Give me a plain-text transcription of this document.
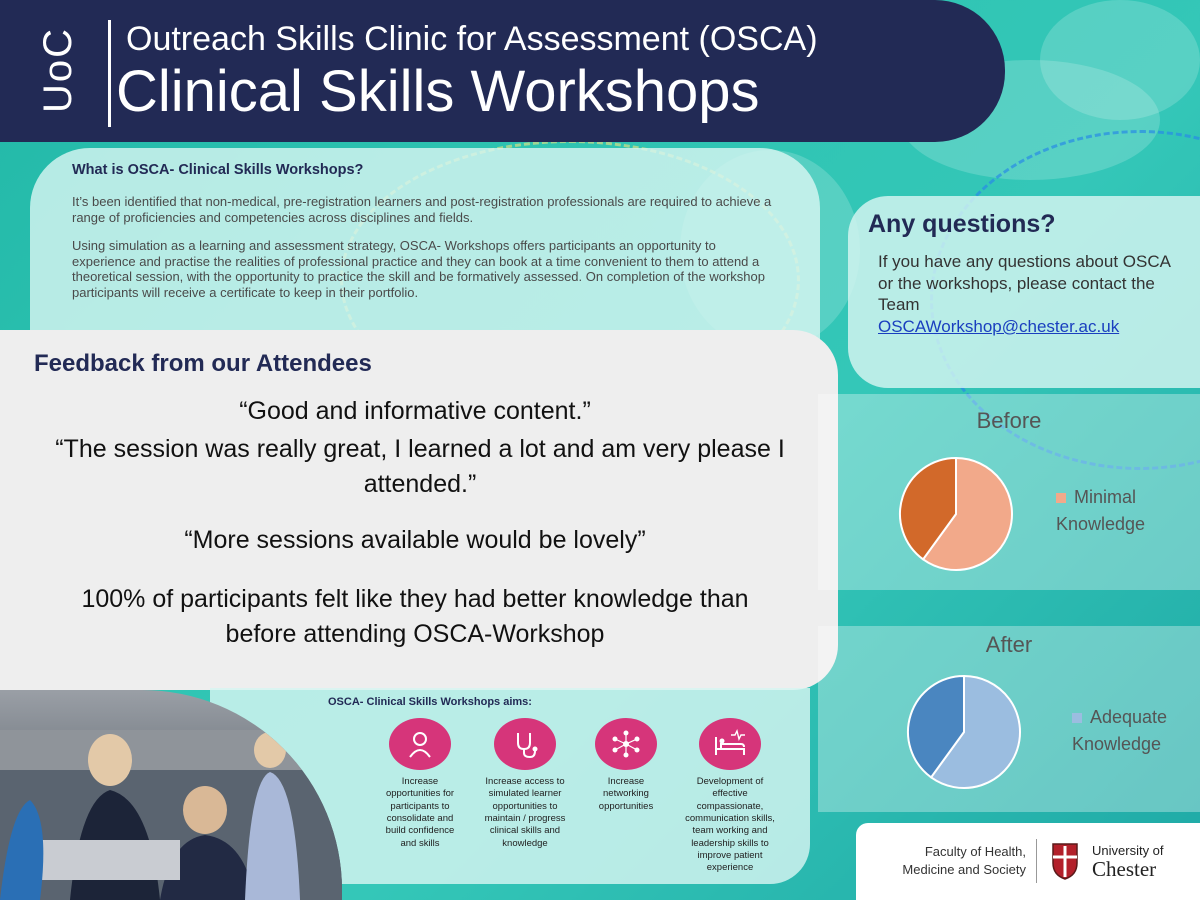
UoC	Outreach Skills Clinic for Assessment (OSCA)
Clinical Skills Workshops
What is OSCA- Clinical Skills Workshops?

It’s been identified that non-medical, pre-registration learners and post-registration professionals are required to achieve a range of proficiencies and competencies across disciplines and fields.

Using simulation as a learning and assessment strategy, OSCA- Workshops offers participants an opportunity to experience and practise the realities of professional practice and they can book at a time convenient to them to attend a theoretical session, with the opportunity to practice the skill and be formatively assessed. On completion of the workshop participants will receive a certificate to keep in their portfolio.

Any questions?

If you have any questions about OSCA or the workshops, please contact the Team
OSCAWorkshop@chester.ac.uk

Feedback from our Attendees
“Good and informative content.”
“The session was really great, I learned a lot and am very please I attended.”
“More sessions available would be lovely”
100% of participants felt like they had better knowledge than before attending OSCA-Workshop
Before
Minimal Knowledge
After
Adequate Knowledge
OSCA- Clinical Skills Workshops aims:
Increase opportunities for participants to consolidate and build confidence and skills
Increase access to simulated learner opportunities to maintain / progress clinical skills and knowledge
Increase networking opportunities
Development of effective compassionate, communication skills, team working and leadership skills to improve patient experience
Faculty of Health,
Medicine and Society
University of
Chester
